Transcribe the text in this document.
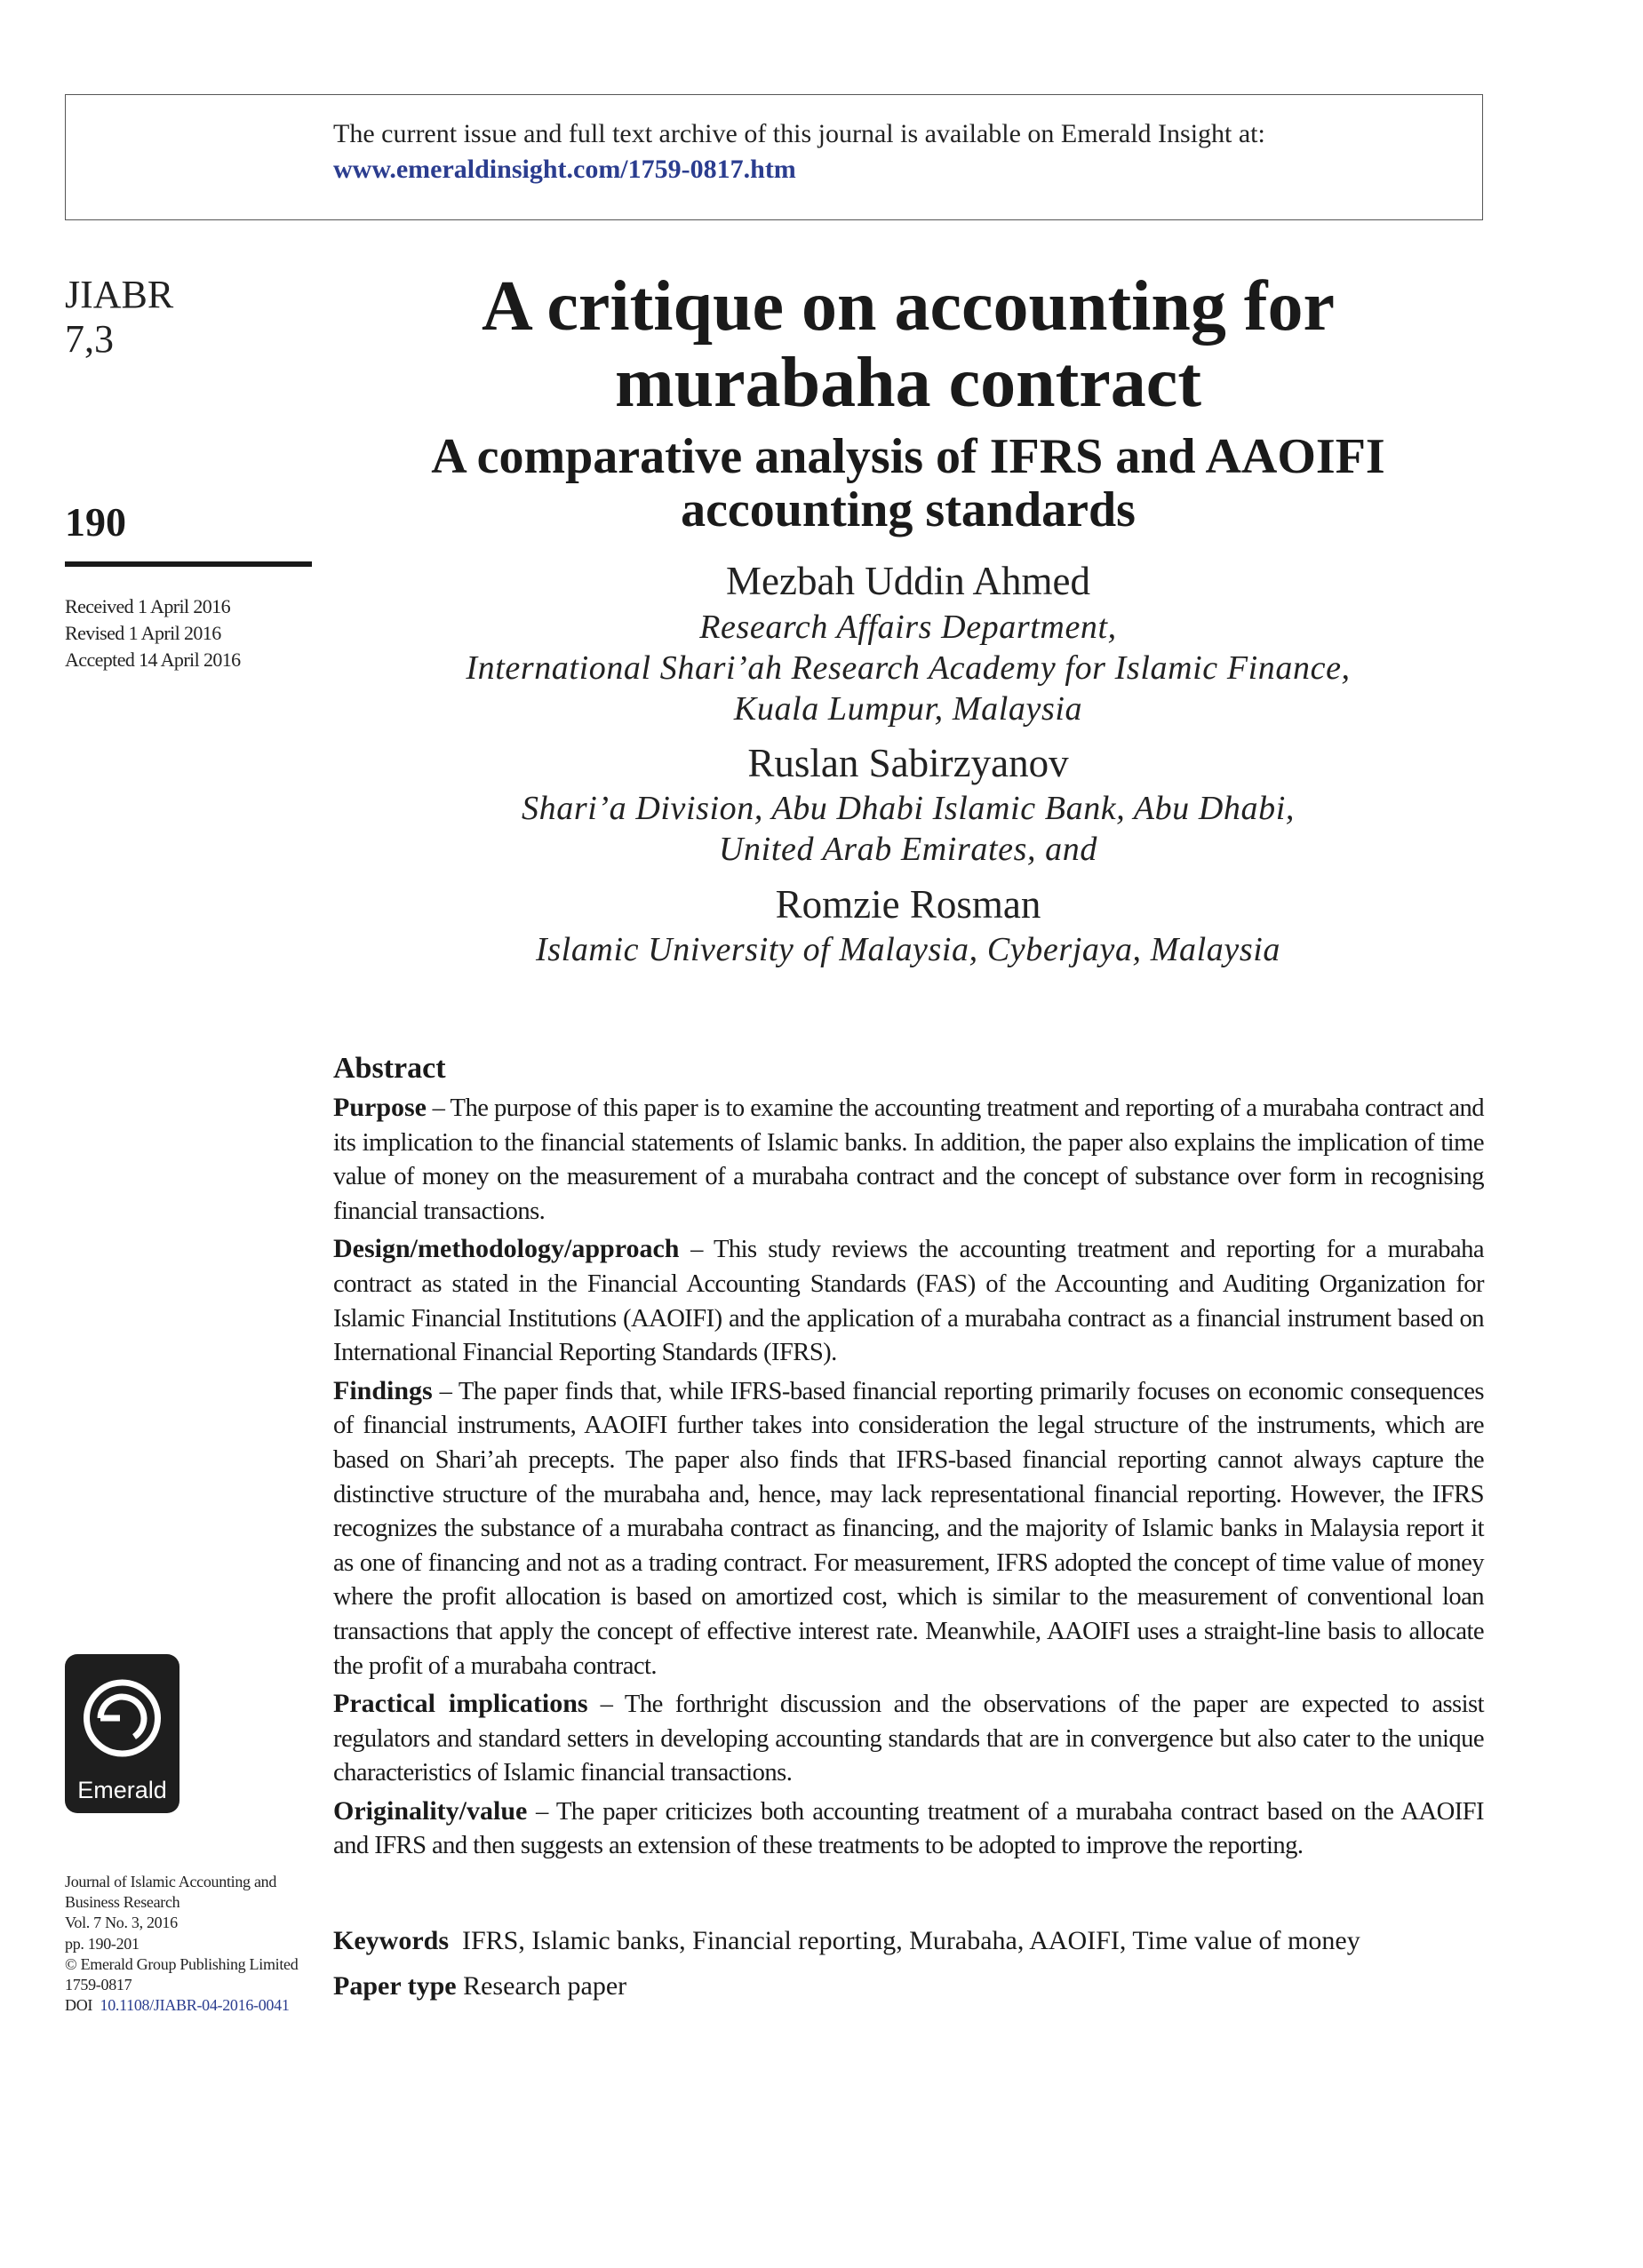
The current issue and full text archive of this journal is available on Emerald Insight at:
www.emeraldinsight.com/1759-0817.htm
JIABR
7,3
190
Received 1 April 2016
Revised 1 April 2016
Accepted 14 April 2016
Emerald
Journal of Islamic Accounting and
Business Research
Vol. 7 No. 3, 2016
pp. 190-201
© Emerald Group Publishing Limited
1759-0817
DOI 10.1108/JIABR-04-2016-0041
A critique on accounting for
murabaha contract
A comparative analysis of IFRS and AAOIFI
accounting standards
Mezbah Uddin Ahmed
Research Affairs Department,
International Shari’ah Research Academy for Islamic Finance,
Kuala Lumpur, Malaysia
Ruslan Sabirzyanov
Shari’a Division, Abu Dhabi Islamic Bank, Abu Dhabi,
United Arab Emirates, and
Romzie Rosman
Islamic University of Malaysia, Cyberjaya, Malaysia
Abstract

Purpose – The purpose of this paper is to examine the accounting treatment and reporting of a murabaha contract and its implication to the financial statements of Islamic banks. In addition, the paper also explains the implication of time value of money on the measurement of a murabaha contract and the concept of substance over form in recognising financial transactions.

Design/methodology/approach – This study reviews the accounting treatment and reporting for a murabaha contract as stated in the Financial Accounting Standards (FAS) of the Accounting and Auditing Organization for Islamic Financial Institutions (AAOIFI) and the application of a murabaha contract as a financial instrument based on International Financial Reporting Standards (IFRS).

Findings – The paper finds that, while IFRS-based financial reporting primarily focuses on economic consequences of financial instruments, AAOIFI further takes into consideration the legal structure of the instruments, which are based on Shari’ah precepts. The paper also finds that IFRS-based financial reporting cannot always capture the distinctive structure of the murabaha and, hence, may lack representational financial reporting. However, the IFRS recognizes the substance of a murabaha contract as financing, and the majority of Islamic banks in Malaysia report it as one of financing and not as a trading contract. For measurement, IFRS adopted the concept of time value of money where the profit allocation is based on amortized cost, which is similar to the measurement of conventional loan transactions that apply the concept of effective interest rate. Meanwhile, AAOIFI uses a straight-line basis to allocate the profit of a murabaha contract.

Practical implications – The forthright discussion and the observations of the paper are expected to assist regulators and standard setters in developing accounting standards that are in convergence but also cater to the unique characteristics of Islamic financial transactions.

Originality/value – The paper criticizes both accounting treatment of a murabaha contract based on the AAOIFI and IFRS and then suggests an extension of these treatments to be adopted to improve the reporting.

Keywords IFRS, Islamic banks, Financial reporting, Murabaha, AAOIFI, Time value of money
Paper type Research paper
